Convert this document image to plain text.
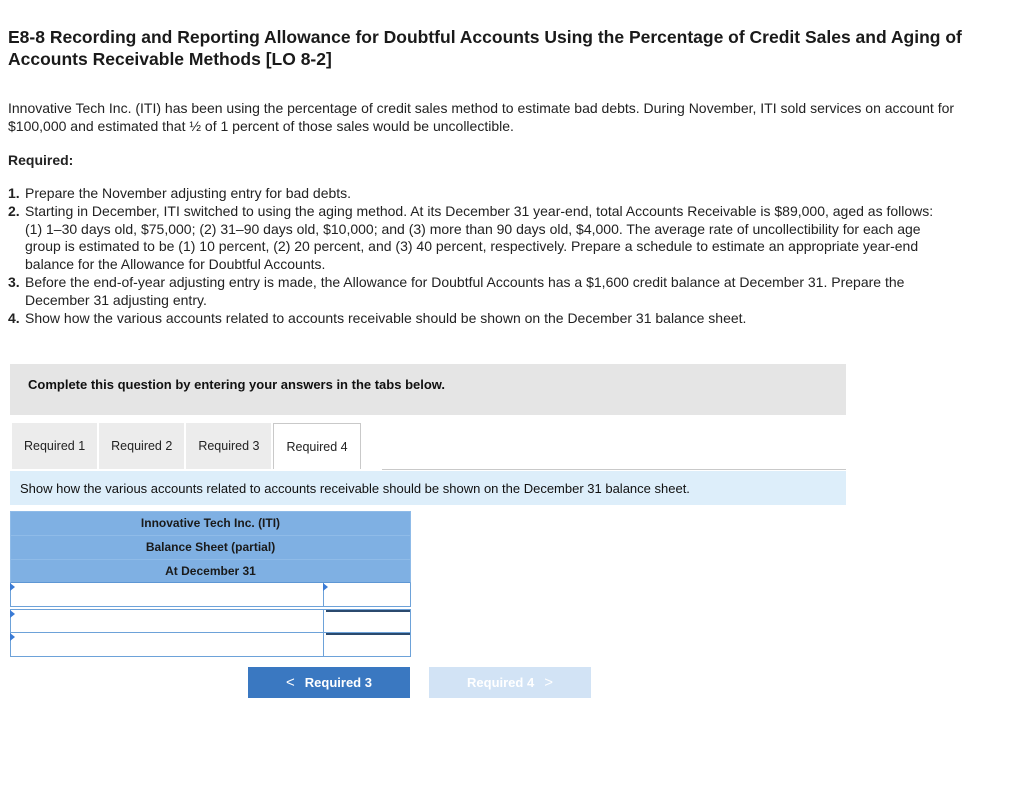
E8-8 Recording and Reporting Allowance for Doubtful Accounts Using the Percentage of Credit Sales and Aging of Accounts Receivable Methods [LO 8-2]
Innovative Tech Inc. (ITI) has been using the percentage of credit sales method to estimate bad debts. During November, ITI sold services on account for $100,000 and estimated that ½ of 1 percent of those sales would be uncollectible.
Required:
1. Prepare the November adjusting entry for bad debts.
2. Starting in December, ITI switched to using the aging method. At its December 31 year-end, total Accounts Receivable is $89,000, aged as follows: (1) 1–30 days old, $75,000; (2) 31–90 days old, $10,000; and (3) more than 90 days old, $4,000. The average rate of uncollectibility for each age group is estimated to be (1) 10 percent, (2) 20 percent, and (3) 40 percent, respectively. Prepare a schedule to estimate an appropriate year-end balance for the Allowance for Doubtful Accounts.
3. Before the end-of-year adjusting entry is made, the Allowance for Doubtful Accounts has a $1,600 credit balance at December 31. Prepare the December 31 adjusting entry.
4. Show how the various accounts related to accounts receivable should be shown on the December 31 balance sheet.
Complete this question by entering your answers in the tabs below.
Required 1	Required 2	Required 3	Required 4
Show how the various accounts related to accounts receivable should be shown on the December 31 balance sheet.
Innovative Tech Inc. (ITI)
Balance Sheet (partial)
At December 31
< Required 3	Required 4 >
